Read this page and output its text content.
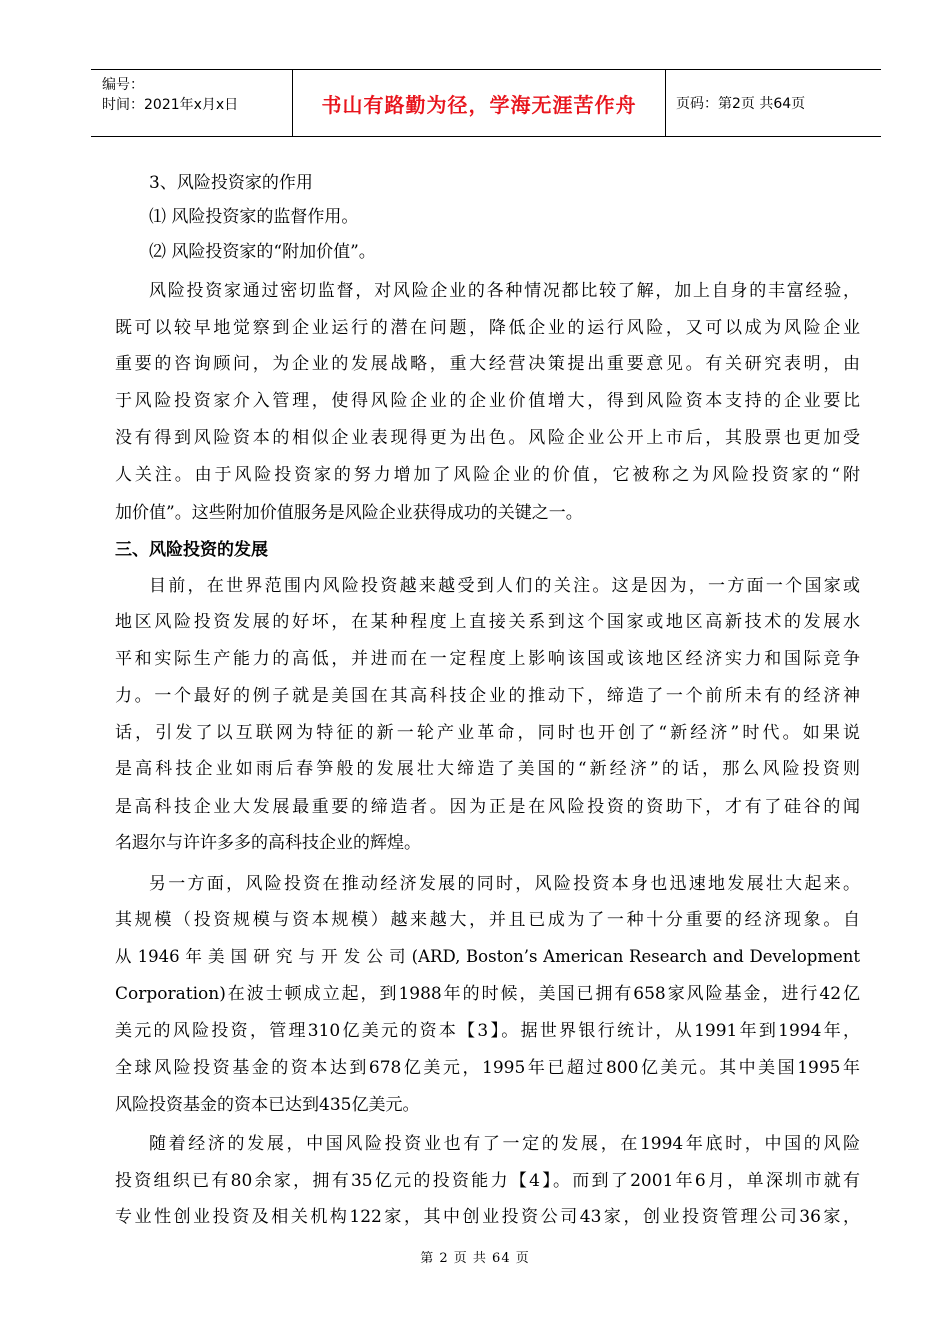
编号：
时间：2021年x月x日	书山有路勤为径，学海无涯苦作舟	页码：第2页 共64页
3、风险投资家的作用
⑴ 风险投资家的监督作用。
⑵ 风险投资家的“附加价值”。
风险投资家通过密切监督，对风险企业的各种情况都比较了解，加上自身的丰富经验，
既可以较早地觉察到企业运行的潜在问题，降低企业的运行风险，又可以成为风险企业
重要的咨询顾问，为企业的发展战略，重大经营决策提出重要意见。有关研究表明，由
于风险投资家介入管理，使得风险企业的企业价值增大，得到风险资本支持的企业要比
没有得到风险资本的相似企业表现得更为出色。风险企业公开上市后，其股票也更加受
人关注。由于风险投资家的努力增加了风险企业的价值，它被称之为风险投资家的“附
加价值”。这些附加价值服务是风险企业获得成功的关键之一。
三、风险投资的发展
目前，在世界范围内风险投资越来越受到人们的关注。这是因为，一方面一个国家或
地区风险投资发展的好坏，在某种程度上直接关系到这个国家或地区高新技术的发展水
平和实际生产能力的高低，并进而在一定程度上影响该国或该地区经济实力和国际竞争
力。一个最好的例子就是美国在其高科技企业的推动下，缔造了一个前所未有的经济神
话，引发了以互联网为特征的新一轮产业革命，同时也开创了“新经济”时代。如果说
是高科技企业如雨后春笋般的发展壮大缔造了美国的“新经济”的话，那么风险投资则
是高科技企业大发展最重要的缔造者。因为正是在风险投资的资助下，才有了硅谷的闻
名遐尔与许许多多的高科技企业的辉煌。
另一方面，风险投资在推动经济发展的同时，风险投资本身也迅速地发展壮大起来。
其规模（投资规模与资本规模）越来越大，并且已成为了一种十分重要的经济现象。自
从 1946 年 美 国 研 究 与 开 发 公 司 (ARD, Boston’s American Research and Development
Corporation)在波士顿成立起，到1988年的时候，美国已拥有658家风险基金，进行42亿
美元的风险投资，管理310亿美元的资本【3】。据世界银行统计，从1991年到1994年，
全球风险投资基金的资本达到678亿美元，1995年已超过800亿美元。其中美国1995年
风险投资基金的资本已达到435亿美元。
随着经济的发展，中国风险投资业也有了一定的发展，在1994年底时，中国的风险
投资组织已有80余家，拥有35亿元的投资能力【4】。而到了2001年6月，单深圳市就有
专业性创业投资及相关机构122家，其中创业投资公司43家，创业投资管理公司36家，
第 2 页 共 64 页
